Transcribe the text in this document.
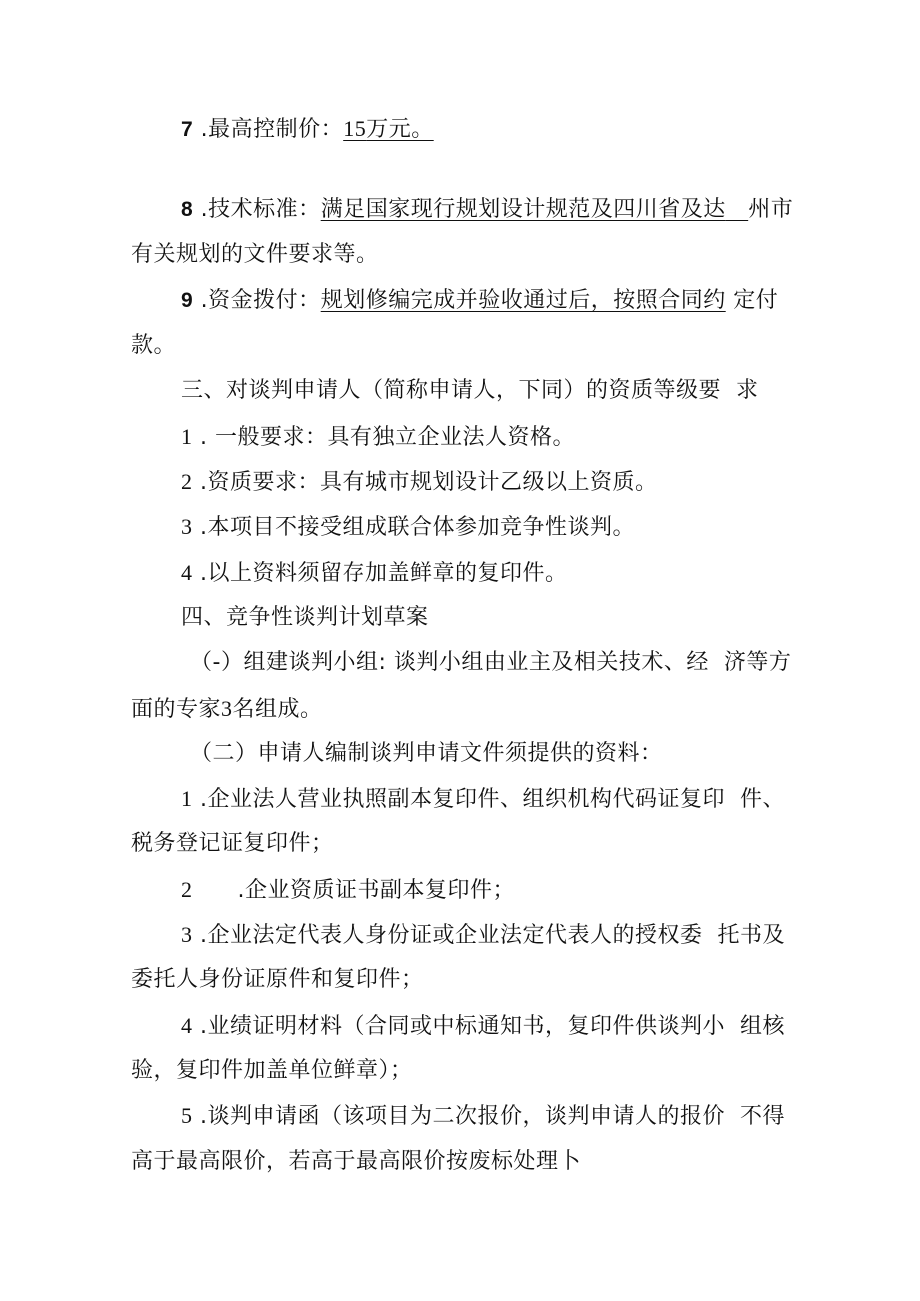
7 .最高控制价：15万元。
8 .技术标准：满足国家现行规划设计规范及四川省及达 州市
有关规划的文件要求等。
9 .资金拨付：规划修编完成并验收通过后，按照合同约 定付
款。
三、对谈判申请人（简称申请人，下同）的资质等级要  求
1 . 一般要求：具有独立企业法人资格。
2 .资质要求：具有城市规划设计乙级以上资质。
3 .本项目不接受组成联合体参加竞争性谈判。
4 .以上资料须留存加盖鲜章的复印件。
四、竞争性谈判计划草案
（-）组建谈判小组: 谈判小组由业主及相关技术、经  济等方
面的专家3名组成。
（二）申请人编制谈判申请文件须提供的资料：
1 .企业法人营业执照副本复印件、组织机构代码证复印  件、
税务登记证复印件；
2      .企业资质证书副本复印件；
3 .企业法定代表人身份证或企业法定代表人的授权委  托书及
委托人身份证原件和复印件；
4 .业绩证明材料（合同或中标通知书，复印件供谈判小  组核
验，复印件加盖单位鲜章）；
5 .谈判申请函（该项目为二次报价，谈判申请人的报价  不得
高于最高限价，若高于最高限价按废标处理卜
